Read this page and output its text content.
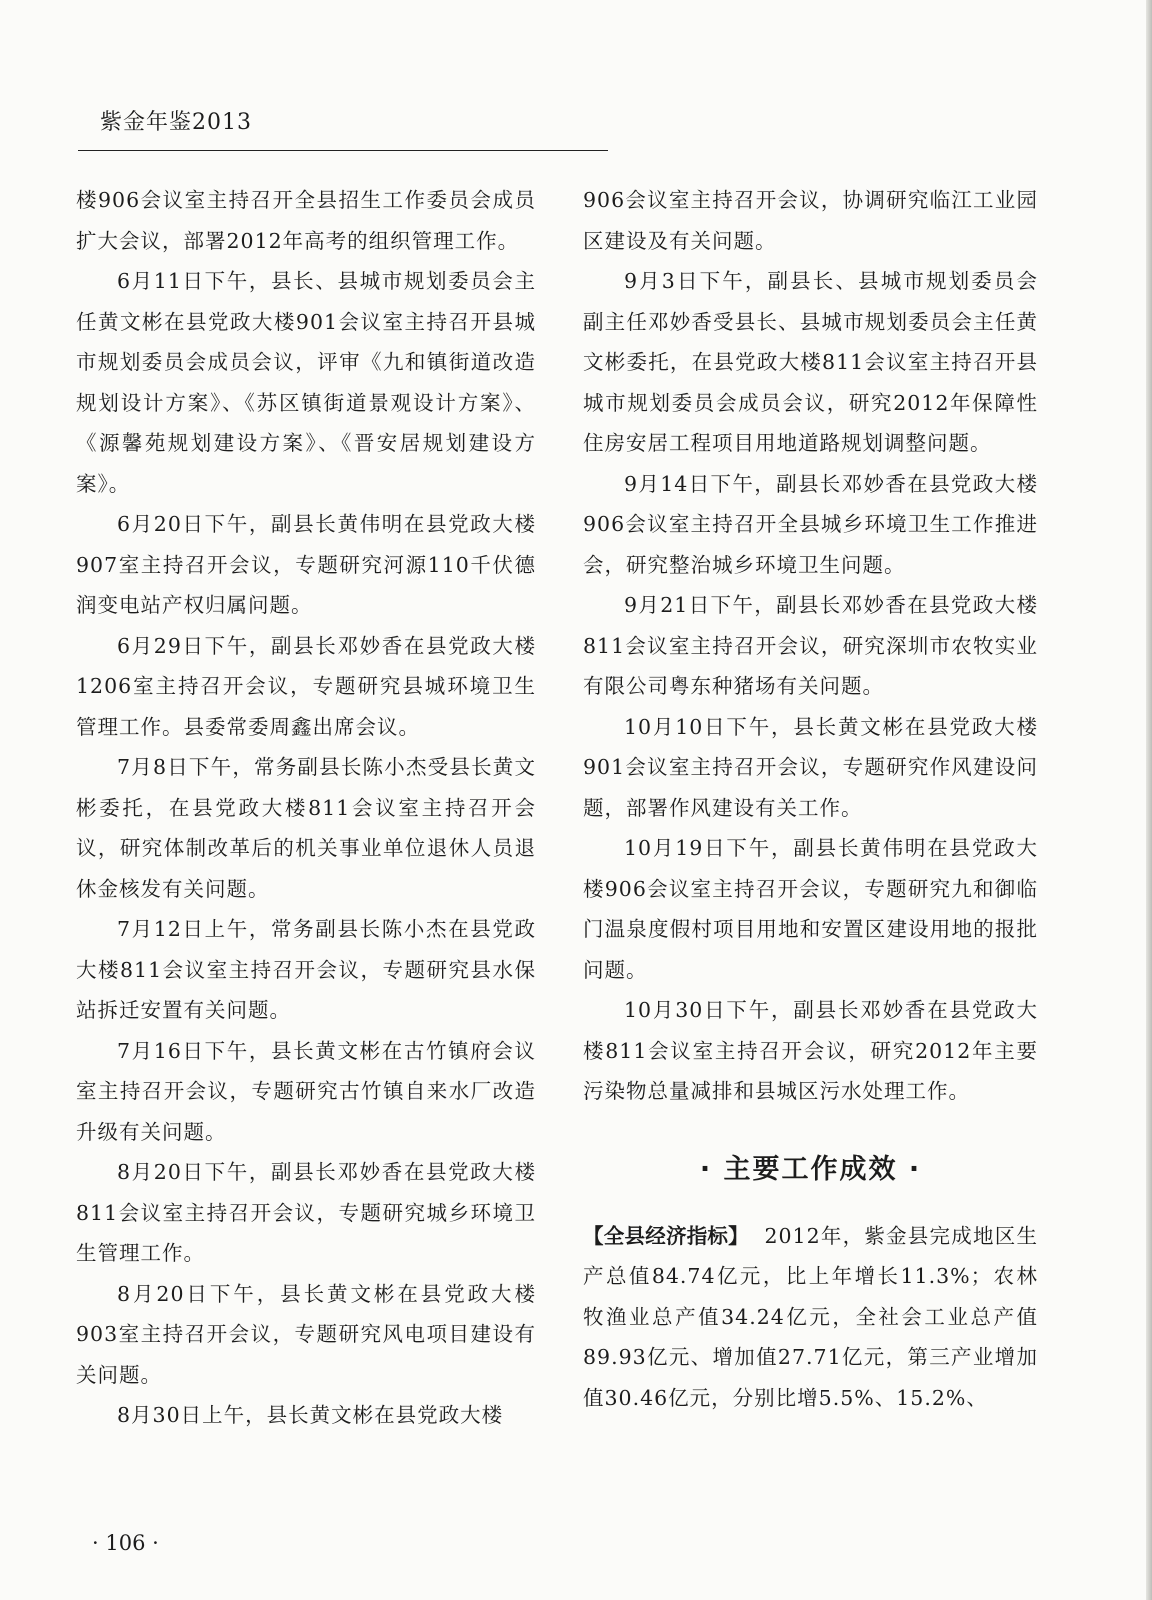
紫金年鉴2013

楼906会议室主持召开全县招生工作委员会成员扩大会议，部署2012年高考的组织管理工作。

6月11日下午，县长、县城市规划委员会主任黄文彬在县党政大楼901会议室主持召开县城市规划委员会成员会议，评审《九和镇街道改造规划设计方案》、《苏区镇街道景观设计方案》、《源馨苑规划建设方案》、《晋安居规划建设方案》。

6月20日下午，副县长黄伟明在县党政大楼907室主持召开会议，专题研究河源110千伏德润变电站产权归属问题。

6月29日下午，副县长邓妙香在县党政大楼1206室主持召开会议，专题研究县城环境卫生管理工作。县委常委周鑫出席会议。

7月8日下午，常务副县长陈小杰受县长黄文彬委托，在县党政大楼811会议室主持召开会议，研究体制改革后的机关事业单位退休人员退休金核发有关问题。

7月12日上午，常务副县长陈小杰在县党政大楼811会议室主持召开会议，专题研究县水保站拆迁安置有关问题。

7月16日下午，县长黄文彬在古竹镇府会议室主持召开会议，专题研究古竹镇自来水厂改造升级有关问题。

8月20日下午，副县长邓妙香在县党政大楼811会议室主持召开会议，专题研究城乡环境卫生管理工作。

8月20日下午，县长黄文彬在县党政大楼903室主持召开会议，专题研究风电项目建设有关问题。

8月30日上午，县长黄文彬在县党政大楼

906会议室主持召开会议，协调研究临江工业园区建设及有关问题。

9月3日下午，副县长、县城市规划委员会副主任邓妙香受县长、县城市规划委员会主任黄文彬委托，在县党政大楼811会议室主持召开县城市规划委员会成员会议，研究2012年保障性住房安居工程项目用地道路规划调整问题。

9月14日下午，副县长邓妙香在县党政大楼906会议室主持召开全县城乡环境卫生工作推进会，研究整治城乡环境卫生问题。

9月21日下午，副县长邓妙香在县党政大楼811会议室主持召开会议，研究深圳市农牧实业有限公司粤东种猪场有关问题。

10月10日下午，县长黄文彬在县党政大楼901会议室主持召开会议，专题研究作风建设问题，部署作风建设有关工作。

10月19日下午，副县长黄伟明在县党政大楼906会议室主持召开会议，专题研究九和御临门温泉度假村项目用地和安置区建设用地的报批问题。

10月30日下午，副县长邓妙香在县党政大楼811会议室主持召开会议，研究2012年主要污染物总量减排和县城区污水处理工作。

· 主要工作成效 ·

【全县经济指标】 2012年，紫金县完成地区生产总值84.74亿元，比上年增长11.3%；农林牧渔业总产值34.24亿元，全社会工业总产值89.93亿元、增加值27.71亿元，第三产业增加值30.46亿元，分别比增5.5%、15.2%、

· 106 ·
